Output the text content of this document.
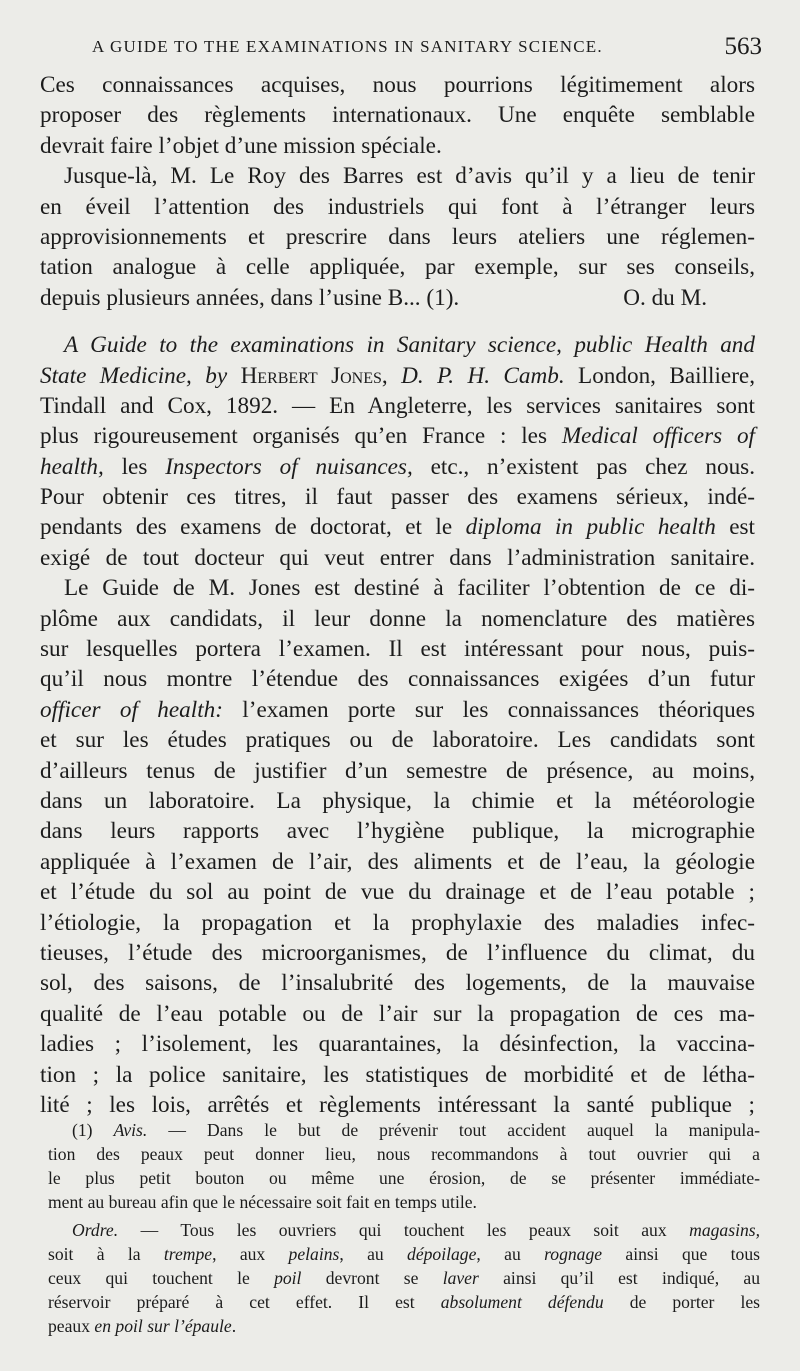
A GUIDE TO THE EXAMINATIONS IN SANITARY SCIENCE.	563
Ces connaissances acquises, nous pourrions légitimement alors
proposer des règlements internationaux. Une enquête semblable
devrait faire l’objet d’une mission spéciale.
Jusque-là, M. Le Roy des Barres est d’avis qu’il y a lieu de tenir
en éveil l’attention des industriels qui font à l’étranger leurs
approvisionnements et prescrire dans leurs ateliers une réglemen-
tation analogue à celle appliquée, par exemple, sur ses conseils,
depuis plusieurs années, dans l’usine B... (1).	O. du M.
A Guide to the examinations in Sanitary science, public Health and
State Medicine, by Herbert Jones, D. P. H. Camb. London, Bailliere,
Tindall and Cox, 1892. — En Angleterre, les services sanitaires sont
plus rigoureusement organisés qu’en France : les Medical officers of
health, les Inspectors of nuisances, etc., n’existent pas chez nous.
Pour obtenir ces titres, il faut passer des examens sérieux, indé-
pendants des examens de doctorat, et le diploma in public health est
exigé de tout docteur qui veut entrer dans l’administration sanitaire.
Le Guide de M. Jones est destiné à faciliter l’obtention de ce di-
plôme aux candidats, il leur donne la nomenclature des matières
sur lesquelles portera l’examen. Il est intéressant pour nous, puis-
qu’il nous montre l’étendue des connaissances exigées d’un futur
officer of health: l’examen porte sur les connaissances théoriques
et sur les études pratiques ou de laboratoire. Les candidats sont
d’ailleurs tenus de justifier d’un semestre de présence, au moins,
dans un laboratoire. La physique, la chimie et la météorologie
dans leurs rapports avec l’hygiène publique, la micrographie
appliquée à l’examen de l’air, des aliments et de l’eau, la géologie
et l’étude du sol au point de vue du drainage et de l’eau potable ;
l’étiologie, la propagation et la prophylaxie des maladies infec-
tieuses, l’étude des microorganismes, de l’influence du climat, du
sol, des saisons, de l’insalubrité des logements, de la mauvaise
qualité de l’eau potable ou de l’air sur la propagation de ces ma-
ladies ; l’isolement, les quarantaines, la désinfection, la vaccina-
tion ; la police sanitaire, les statistiques de morbidité et de létha-
lité ; les lois, arrêtés et règlements intéressant la santé publique ;
(1) Avis. — Dans le but de prévenir tout accident auquel la manipula-
tion des peaux peut donner lieu, nous recommandons à tout ouvrier qui a
le plus petit bouton ou même une érosion, de se présenter immédiate-
ment au bureau afin que le nécessaire soit fait en temps utile.
Ordre. — Tous les ouvriers qui touchent les peaux soit aux magasins,
soit à la trempe, aux pelains, au dépoilage, au rognage ainsi que tous
ceux qui touchent le poil devront se laver ainsi qu’il est indiqué, au
réservoir préparé à cet effet. Il est absolument défendu de porter les
peaux en poil sur l’épaule.
